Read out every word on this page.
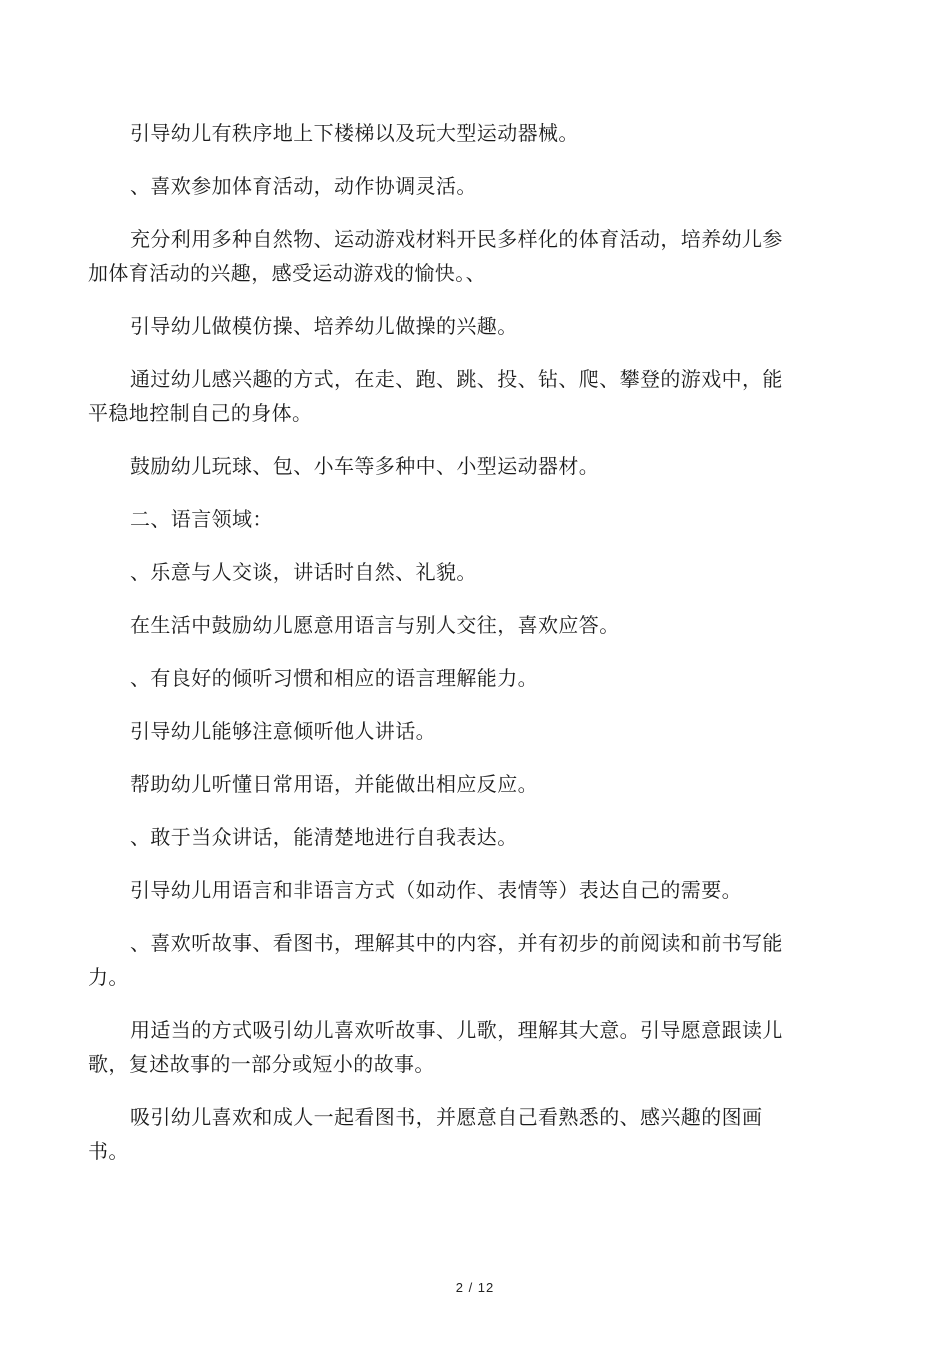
引导幼儿有秩序地上下楼梯以及玩大型运动器械。

、喜欢参加体育活动，动作协调灵活。

充分利用多种自然物、运动游戏材料开民多样化的体育活动，培养幼儿参加体育活动的兴趣，感受运动游戏的愉快。、

引导幼儿做模仿操、培养幼儿做操的兴趣。

通过幼儿感兴趣的方式，在走、跑、跳、投、钻、爬、攀登的游戏中，能平稳地控制自己的身体。

鼓励幼儿玩球、包、小车等多种中、小型运动器材。

二、语言领域：

、乐意与人交谈，讲话时自然、礼貌。

在生活中鼓励幼儿愿意用语言与别人交往，喜欢应答。

、有良好的倾听习惯和相应的语言理解能力。

引导幼儿能够注意倾听他人讲话。

帮助幼儿听懂日常用语，并能做出相应反应。

、敢于当众讲话，能清楚地进行自我表达。

引导幼儿用语言和非语言方式（如动作、表情等）表达自己的需要。

、喜欢听故事、看图书，理解其中的内容，并有初步的前阅读和前书写能力。

用适当的方式吸引幼儿喜欢听故事、儿歌，理解其大意。引导愿意跟读儿歌，复述故事的一部分或短小的故事。

吸引幼儿喜欢和成人一起看图书，并愿意自己看熟悉的、感兴趣的图画书。

2 / 12
